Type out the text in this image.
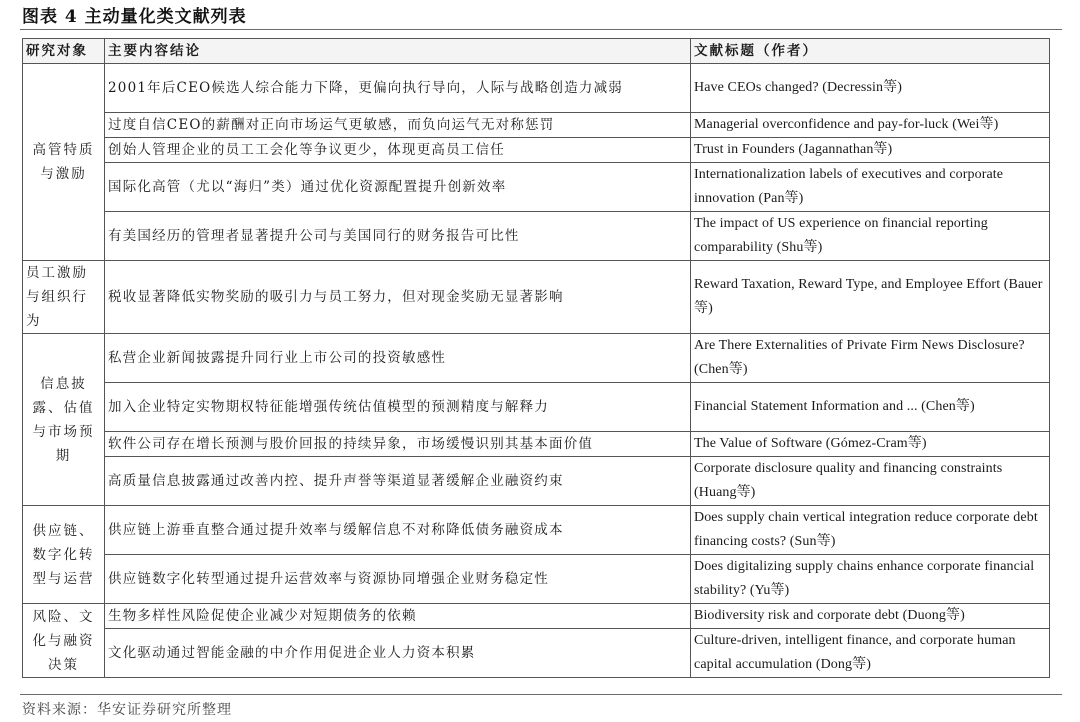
图表 4 主动量化类文献列表
研究对象	主要内容结论	文献标题（作者）
高管特质与激励	2001年后CEO候选人综合能力下降，更偏向执行导向，人际与战略创造力减弱	Have CEOs changed? (Decressin等)
	过度自信CEO的薪酬对正向市场运气更敏感，而负向运气无对称惩罚	Managerial overconfidence and pay-for-luck (Wei等)
	创始人管理企业的员工工会化等争议更少，体现更高员工信任	Trust in Founders (Jagannathan等)
	国际化高管（尤以“海归”类）通过优化资源配置提升创新效率	Internationalization labels of executives and corporate innovation (Pan等)
	有美国经历的管理者显著提升公司与美国同行的财务报告可比性	The impact of US experience on financial reporting comparability (Shu等)
员工激励与组织行为	税收显著降低实物奖励的吸引力与员工努力，但对现金奖励无显著影响	Reward Taxation, Reward Type, and Employee Effort (Bauer等)
信息披露、估值与市场预期	私营企业新闻披露提升同行业上市公司的投资敏感性	Are There Externalities of Private Firm News Disclosure? (Chen等)
	加入企业特定实物期权特征能增强传统估值模型的预测精度与解释力	Financial Statement Information and ... (Chen等)
	软件公司存在增长预测与股价回报的持续异象，市场缓慢识别其基本面价值	The Value of Software (Gómez-Cram等)
	高质量信息披露通过改善内控、提升声誉等渠道显著缓解企业融资约束	Corporate disclosure quality and financing constraints (Huang等)
供应链、数字化转型与运营	供应链上游垂直整合通过提升效率与缓解信息不对称降低债务融资成本	Does supply chain vertical integration reduce corporate debt financing costs? (Sun等)
	供应链数字化转型通过提升运营效率与资源协同增强企业财务稳定性	Does digitalizing supply chains enhance corporate financial stability? (Yu等)
风险、文化与融资决策	生物多样性风险促使企业减少对短期债务的依赖	Biodiversity risk and corporate debt (Duong等)
	文化驱动通过智能金融的中介作用促进企业人力资本积累	Culture-driven, intelligent finance, and corporate human capital accumulation (Dong等)
资料来源：华安证券研究所整理
